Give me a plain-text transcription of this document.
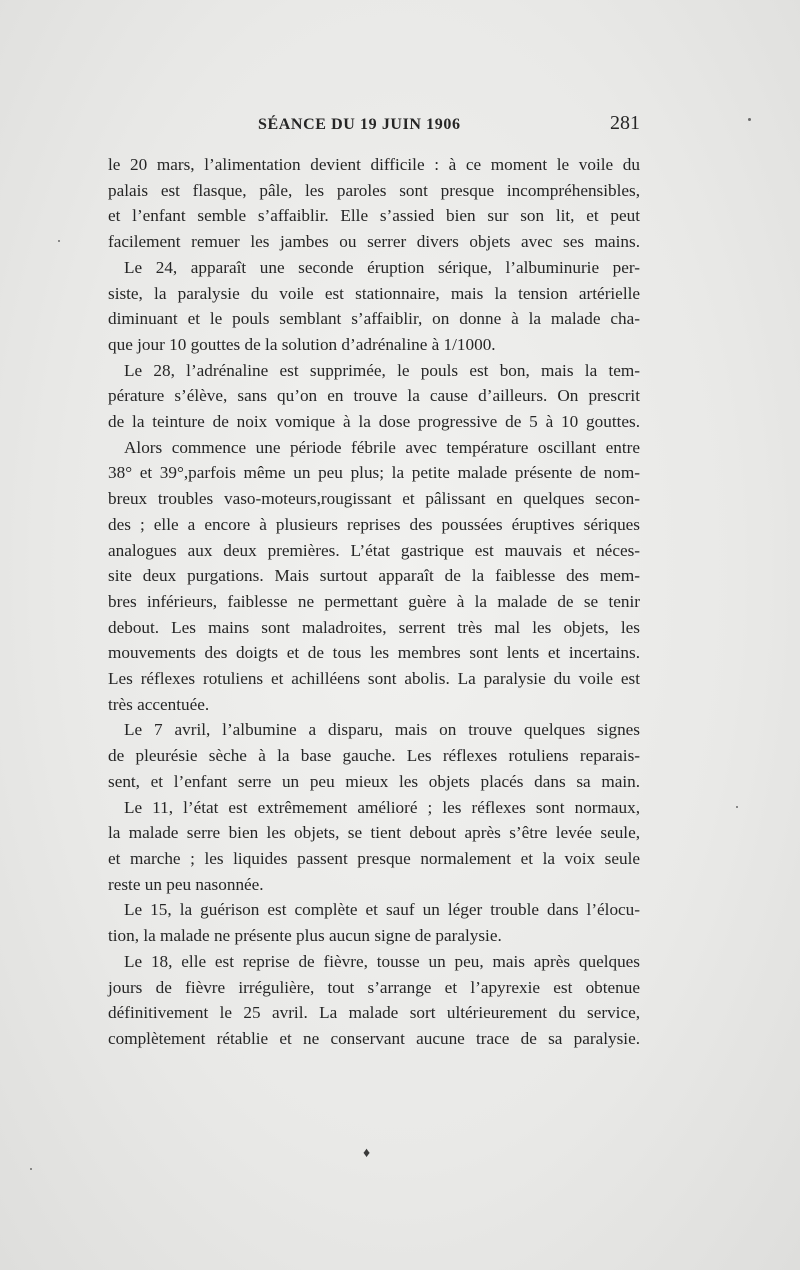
SÉANCE DU 19 JUIN 1906	281

le 20 mars, l’alimentation devient difficile : à ce moment le voile du
palais est flasque, pâle, les paroles sont presque incompréhensibles,
et l’enfant semble s’affaiblir. Elle s’assied bien sur son lit, et peut
facilement remuer les jambes ou serrer divers objets avec ses mains.

Le 24, apparaît une seconde éruption sérique, l’albuminurie per-
siste, la paralysie du voile est stationnaire, mais la tension artérielle
diminuant et le pouls semblant s’affaiblir, on donne à la malade cha-
que jour 10 gouttes de la solution d’adrénaline à 1/1000.

Le 28, l’adrénaline est supprimée, le pouls est bon, mais la tem-
pérature s’élève, sans qu’on en trouve la cause d’ailleurs. On prescrit
de la teinture de noix vomique à la dose progressive de 5 à 10 gouttes.

Alors commence une période fébrile avec température oscillant entre
38° et 39°,parfois même un peu plus; la petite malade présente de nom-
breux troubles vaso-moteurs,rougissant et pâlissant en quelques secon-
des ; elle a encore à plusieurs reprises des poussées éruptives sériques
analogues aux deux premières. L’état gastrique est mauvais et néces-
site deux purgations. Mais surtout apparaît de la faiblesse des mem-
bres inférieurs, faiblesse ne permettant guère à la malade de se tenir
debout. Les mains sont maladroites, serrent très mal les objets, les
mouvements des doigts et de tous les membres sont lents et incertains.
Les réflexes rotuliens et achilléens sont abolis. La paralysie du voile est
très accentuée.

Le 7 avril, l’albumine a disparu, mais on trouve quelques signes
de pleurésie sèche à la base gauche. Les réflexes rotuliens reparais-
sent, et l’enfant serre un peu mieux les objets placés dans sa main.

Le 11, l’état est extrêmement amélioré ; les réflexes sont normaux,
la malade serre bien les objets, se tient debout après s’être levée seule,
et marche ; les liquides passent presque normalement et la voix seule
reste un peu nasonnée.

Le 15, la guérison est complète et sauf un léger trouble dans l’élocu-
tion, la malade ne présente plus aucun signe de paralysie.

Le 18, elle est reprise de fièvre, tousse un peu, mais après quelques
jours de fièvre irrégulière, tout s’arrange et l’apyrexie est obtenue
définitivement le 25 avril. La malade sort ultérieurement du service,
complètement rétablie et ne conservant aucune trace de sa paralysie.

♦
